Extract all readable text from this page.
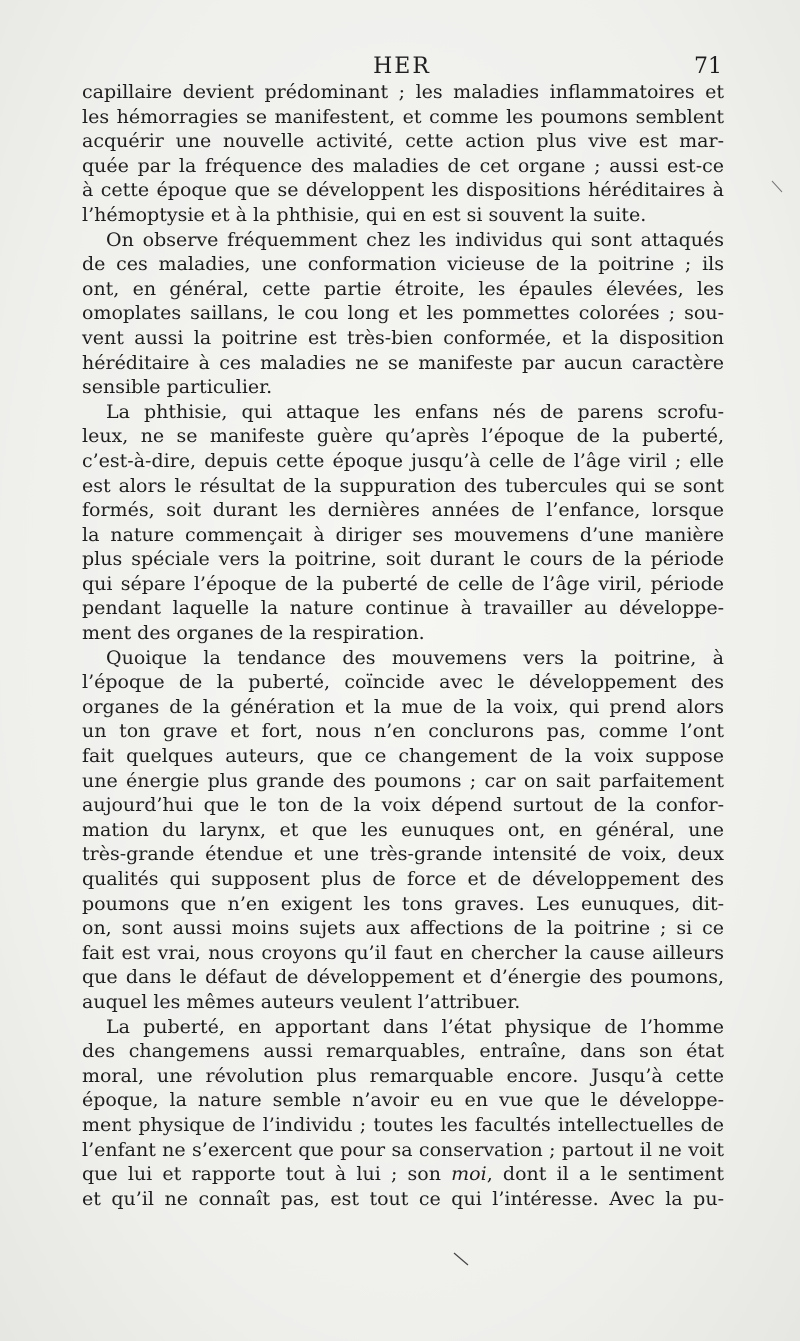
HER	71
capillaire devient prédominant ; les maladies inflammatoires et
les hémorragies se manifestent, et comme les poumons semblent
acquérir une nouvelle activité, cette action plus vive est mar-
quée par la fréquence des maladies de cet organe ; aussi est-ce
à cette époque que se développent les dispositions héréditaires à
l’hémoptysie et à la phthisie, qui en est si souvent la suite.
On observe fréquemment chez les individus qui sont attaqués
de ces maladies, une conformation vicieuse de la poitrine ; ils
ont, en général, cette partie étroite, les épaules élevées, les
omoplates saillans, le cou long et les pommettes colorées ; sou-
vent aussi la poitrine est très-bien conformée, et la disposition
héréditaire à ces maladies ne se manifeste par aucun caractère
sensible particulier.
La phthisie, qui attaque les enfans nés de parens scrofu-
leux, ne se manifeste guère qu’après l’époque de la puberté,
c’est-à-dire, depuis cette époque jusqu’à celle de l’âge viril ; elle
est alors le résultat de la suppuration des tubercules qui se sont
formés, soit durant les dernières années de l’enfance, lorsque
la nature commençait à diriger ses mouvemens d’une manière
plus spéciale vers la poitrine, soit durant le cours de la période
qui sépare l’époque de la puberté de celle de l’âge viril, période
pendant laquelle la nature continue à travailler au développe-
ment des organes de la respiration.
Quoique la tendance des mouvemens vers la poitrine, à
l’époque de la puberté, coïncide avec le développement des
organes de la génération et la mue de la voix, qui prend alors
un ton grave et fort, nous n’en conclurons pas, comme l’ont
fait quelques auteurs, que ce changement de la voix suppose
une énergie plus grande des poumons ; car on sait parfaitement
aujourd’hui que le ton de la voix dépend surtout de la confor-
mation du larynx, et que les eunuques ont, en général, une
très-grande étendue et une très-grande intensité de voix, deux
qualités qui supposent plus de force et de développement des
poumons que n’en exigent les tons graves. Les eunuques, dit-
on, sont aussi moins sujets aux affections de la poitrine ; si ce
fait est vrai, nous croyons qu’il faut en chercher la cause ailleurs
que dans le défaut de développement et d’énergie des poumons,
auquel les mêmes auteurs veulent l’attribuer.
La puberté, en apportant dans l’état physique de l’homme
des changemens aussi remarquables, entraîne, dans son état
moral, une révolution plus remarquable encore. Jusqu’à cette
époque, la nature semble n’avoir eu en vue que le développe-
ment physique de l’individu ; toutes les facultés intellectuelles de
l’enfant ne s’exercent que pour sa conservation ; partout il ne voit
que lui et rapporte tout à lui ; son moi, dont il a le sentiment
et qu’il ne connaît pas, est tout ce qui l’intéresse. Avec la pu-
